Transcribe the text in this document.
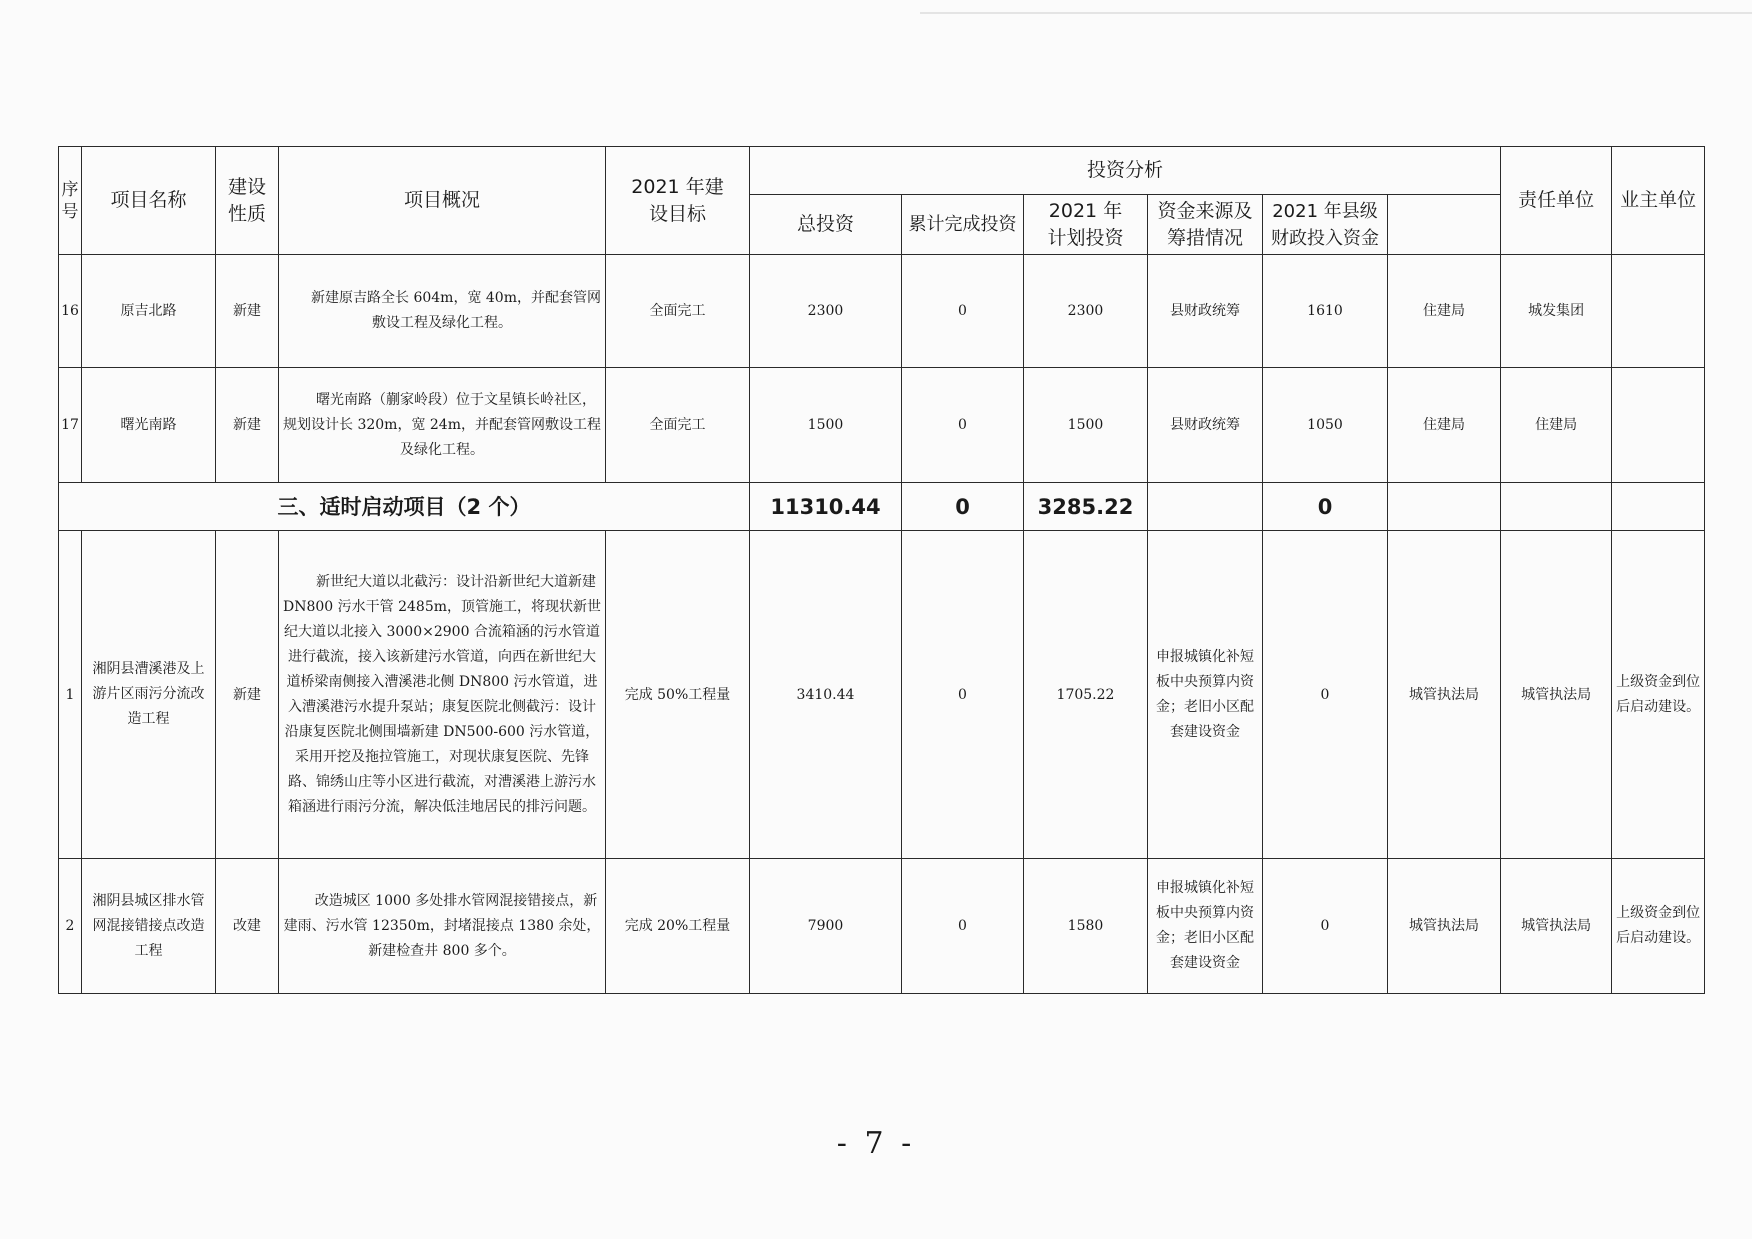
序号	项目名称	建设性质	项目概况	2021 年建设目标	投资分析						责任单位	业主单位	
					总投资	累计完成投资	2021 年计划投资	资金来源及筹措情况	2021 年县级财政投入资金				
16	原吉北路	新建	新建原吉路全长 604m，宽 40m，并配套管网敷设工程及绿化工程。	全面完工	2300	0	2300	县财政统筹	1610	住建局	城发集团		
17	曙光南路	新建	曙光南路（蒯家岭段）位于文星镇长岭社区，规划设计长 320m，宽 24m，并配套管网敷设工程及绿化工程。	全面完工	1500	0	1500	县财政统筹	1050	住建局	住建局		
三、适时启动项目（2 个）					11310.44	0	3285.22		0				
1	湘阴县漕溪港及上游片区雨污分流改造工程	新建	新世纪大道以北截污：设计沿新世纪大道新建 DN800 污水干管 2485m，顶管施工，将现状新世纪大道以北接入 3000×2900 合流箱涵的污水管道进行截流，接入该新建污水管道，向西在新世纪大道桥梁南侧接入漕溪港北侧 DN800 污水管道，进入漕溪港污水提升泵站；康复医院北侧截污：设计沿康复医院北侧围墙新建 DN500-600 污水管道，采用开挖及拖拉管施工，对现状康复医院、先锋路、锦绣山庄等小区进行截流，对漕溪港上游污水箱涵进行雨污分流，解决低洼地居民的排污问题。	完成 50%工程量	3410.44	0	1705.22	申报城镇化补短板中央预算内资金；老旧小区配套建设资金	0	城管执法局	城管执法局	上级资金到位后启动建设。	
2	湘阴县城区排水管网混接错接点改造工程	改建	改造城区 1000 多处排水管网混接错接点，新建雨、污水管 12350m，封堵混接点 1380 余处，新建检查井 800 多个。	完成 20%工程量	7900	0	1580	申报城镇化补短板中央预算内资金；老旧小区配套建设资金	0	城管执法局	城管执法局	上级资金到位后启动建设。	
- 7 -
